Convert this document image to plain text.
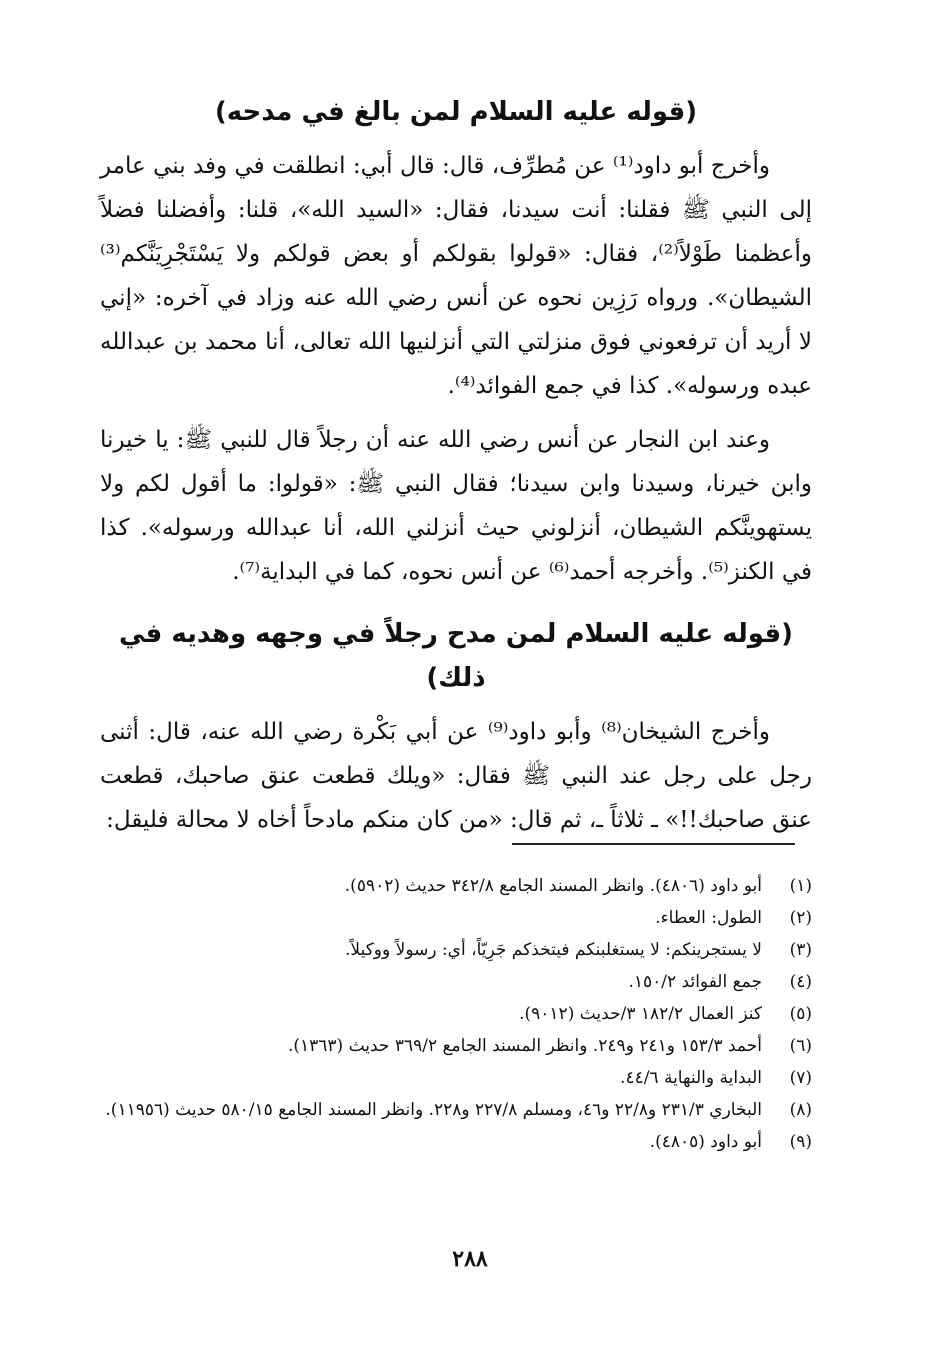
(قوله عليه السلام لمن بالغ في مدحه)

وأخرج أبو داود⁽¹⁾ عن مُطرِّف، قال: قال أبي: انطلقت في وفد بني عامر إلى النبي ﷺ فقلنا: أنت سيدنا، فقال: «السيد الله»، قلنا: وأفضلنا فضلاً وأعظمنا طَوْلاً⁽²⁾، فقال: «قولوا بقولكم أو بعض قولكم ولا يَسْتَجْرِيَنَّكم⁽³⁾ الشيطان». ورواه رَزِين نحوه عن أنس رضي الله عنه وزاد في آخره: «إني لا أريد أن ترفعوني فوق منزلتي التي أنزلنيها الله تعالى، أنا محمد بن عبدالله عبده ورسوله». كذا في جمع الفوائد⁽⁴⁾.

وعند ابن النجار عن أنس رضي الله عنه أن رجلاً قال للنبي ﷺ: يا خيرنا وابن خيرنا، وسيدنا وابن سيدنا؛ فقال النبي ﷺ: «قولوا: ما أقول لكم ولا يستهوينَّكم الشيطان، أنزلوني حيث أنزلني الله، أنا عبدالله ورسوله». كذا في الكنز⁽⁵⁾. وأخرجه أحمد⁽⁶⁾ عن أنس نحوه، كما في البداية⁽⁷⁾.

(قوله عليه السلام لمن مدح رجلاً في وجهه وهديه في ذلك)

وأخرج الشيخان⁽⁸⁾ وأبو داود⁽⁹⁾ عن أبي بَكْرة رضي الله عنه، قال: أثنى رجل على رجل عند النبي ﷺ فقال: «ويلك قطعت عنق صاحبك، قطعت عنق صاحبك!!» ـ ثلاثاً ـ، ثم قال: «من كان منكم مادحاً أخاه لا محالة فليقل:

(١)
أبو داود (٤٨٠٦). وانظر المسند الجامع ٣٤٢/٨ حديث (٥٩٠٢).
(٢)
الطول: العطاء.
(٣)
لا يستجرينكم: لا يستغلبنكم فيتخذكم جَرِيّاً، أي: رسولاً ووكيلاً.
(٤)
جمع الفوائد ١٥٠/٢.
(٥)
كنز العمال ١٨٢/٢ ٣/حديث (٩٠١٢).
(٦)
أحمد ١٥٣/٣ و٢٤١ و٢٤٩. وانظر المسند الجامع ٣٦٩/٢ حديث (١٣٦٣).
(٧)
البداية والنهاية ٤٤/٦.
(٨)
البخاري ٢٣١/٣ و٢٢/٨ و٤٦، ومسلم ٢٢٧/٨ و٢٢٨. وانظر المسند الجامع ٥٨٠/١٥ حديث (١١٩٥٦).
(٩)
أبو داود (٤٨٠٥).
٢٨٨
